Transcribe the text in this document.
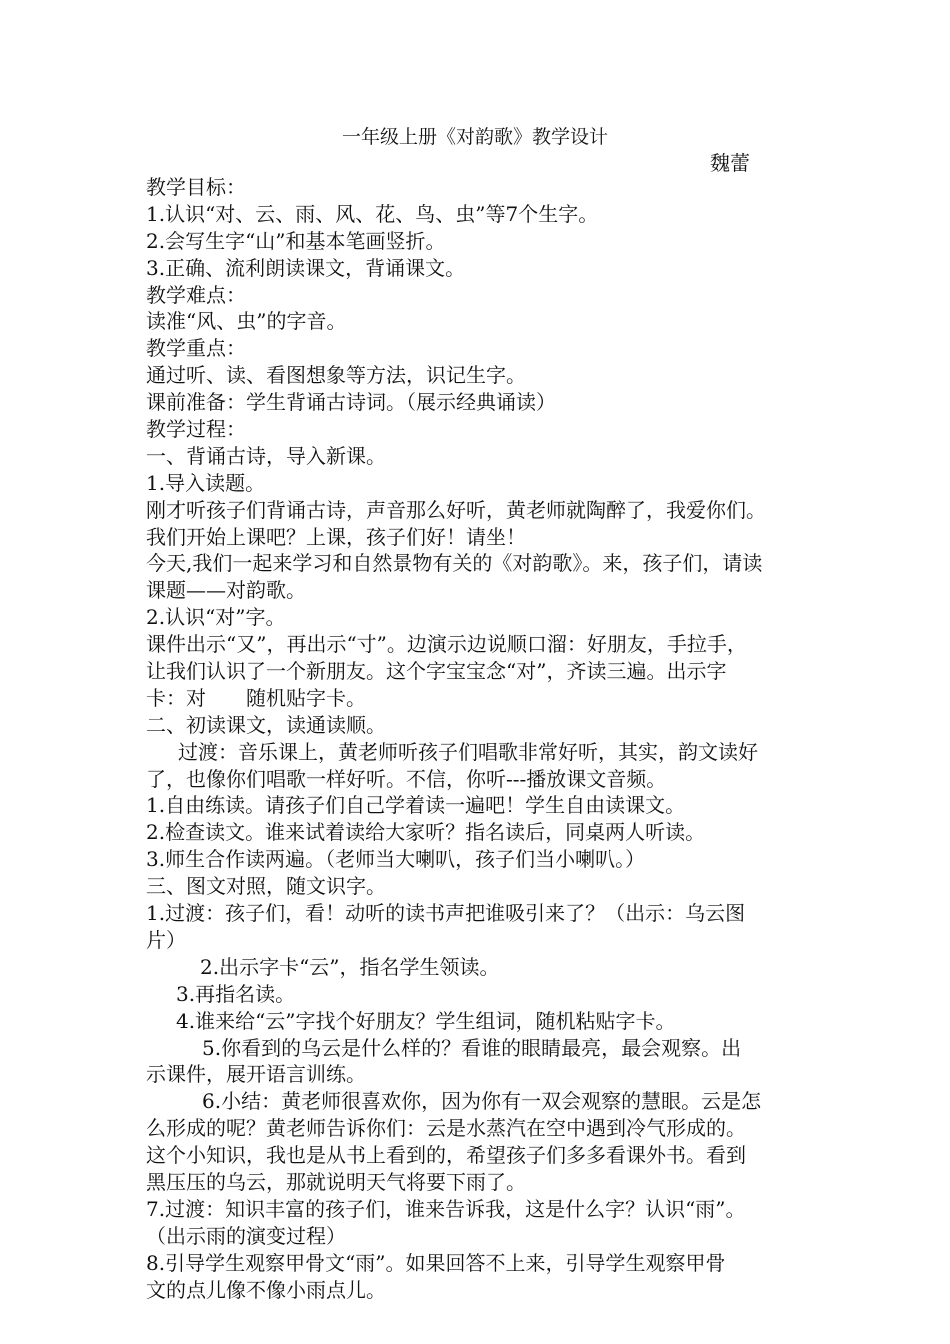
一年级上册《对韵歌》教学设计
魏蕾
教学目标：
1.认识“对、云、雨、风、花、鸟、虫”等7个生字。
2.会写生字“山”和基本笔画竖折。
3.正确、流利朗读课文，背诵课文。
教学难点：
读准“风、虫”的字音。
教学重点：
通过听、读、看图想象等方法，识记生字。
课前准备：学生背诵古诗词。（展示经典诵读）
教学过程：
一、背诵古诗，导入新课。
1.导入读题。
刚才听孩子们背诵古诗，声音那么好听，黄老师就陶醉了，我爱你们。
我们开始上课吧？上课，孩子们好！请坐！
今天,我们一起来学习和自然景物有关的《对韵歌》。来，孩子们，请读
课题——对韵歌。
2.认识“对”字。
课件出示“又”，再出示“寸”。边演示边说顺口溜：好朋友，手拉手，
让我们认识了一个新朋友。这个字宝宝念“对”，齐读三遍。出示字
卡：对　　随机贴字卡。
二、初读课文，读通读顺。
过渡：音乐课上，黄老师听孩子们唱歌非常好听，其实，韵文读好
了，也像你们唱歌一样好听。不信，你听---播放课文音频。
1.自由练读。请孩子们自己学着读一遍吧！学生自由读课文。
2.检查读文。谁来试着读给大家听？指名读后，同桌两人听读。
3.师生合作读两遍。（老师当大喇叭，孩子们当小喇叭。）
三、图文对照，随文识字。
1.过渡：孩子们，看！动听的读书声把谁吸引来了？（出示：乌云图
片）
2.出示字卡“云”，指名学生领读。
3.再指名读。
4.谁来给“云”字找个好朋友？学生组词，随机粘贴字卡。
5.你看到的乌云是什么样的？看谁的眼睛最亮，最会观察。出
示课件，展开语言训练。
6.小结：黄老师很喜欢你，因为你有一双会观察的慧眼。云是怎
么形成的呢？黄老师告诉你们：云是水蒸汽在空中遇到冷气形成的。
这个小知识，我也是从书上看到的，希望孩子们多多看课外书。看到
黑压压的乌云，那就说明天气将要下雨了。
7.过渡：知识丰富的孩子们，谁来告诉我，这是什么字？认识“雨”。
（出示雨的演变过程）
8.引导学生观察甲骨文“雨”。如果回答不上来，引导学生观察甲骨
文的点儿像不像小雨点儿。
